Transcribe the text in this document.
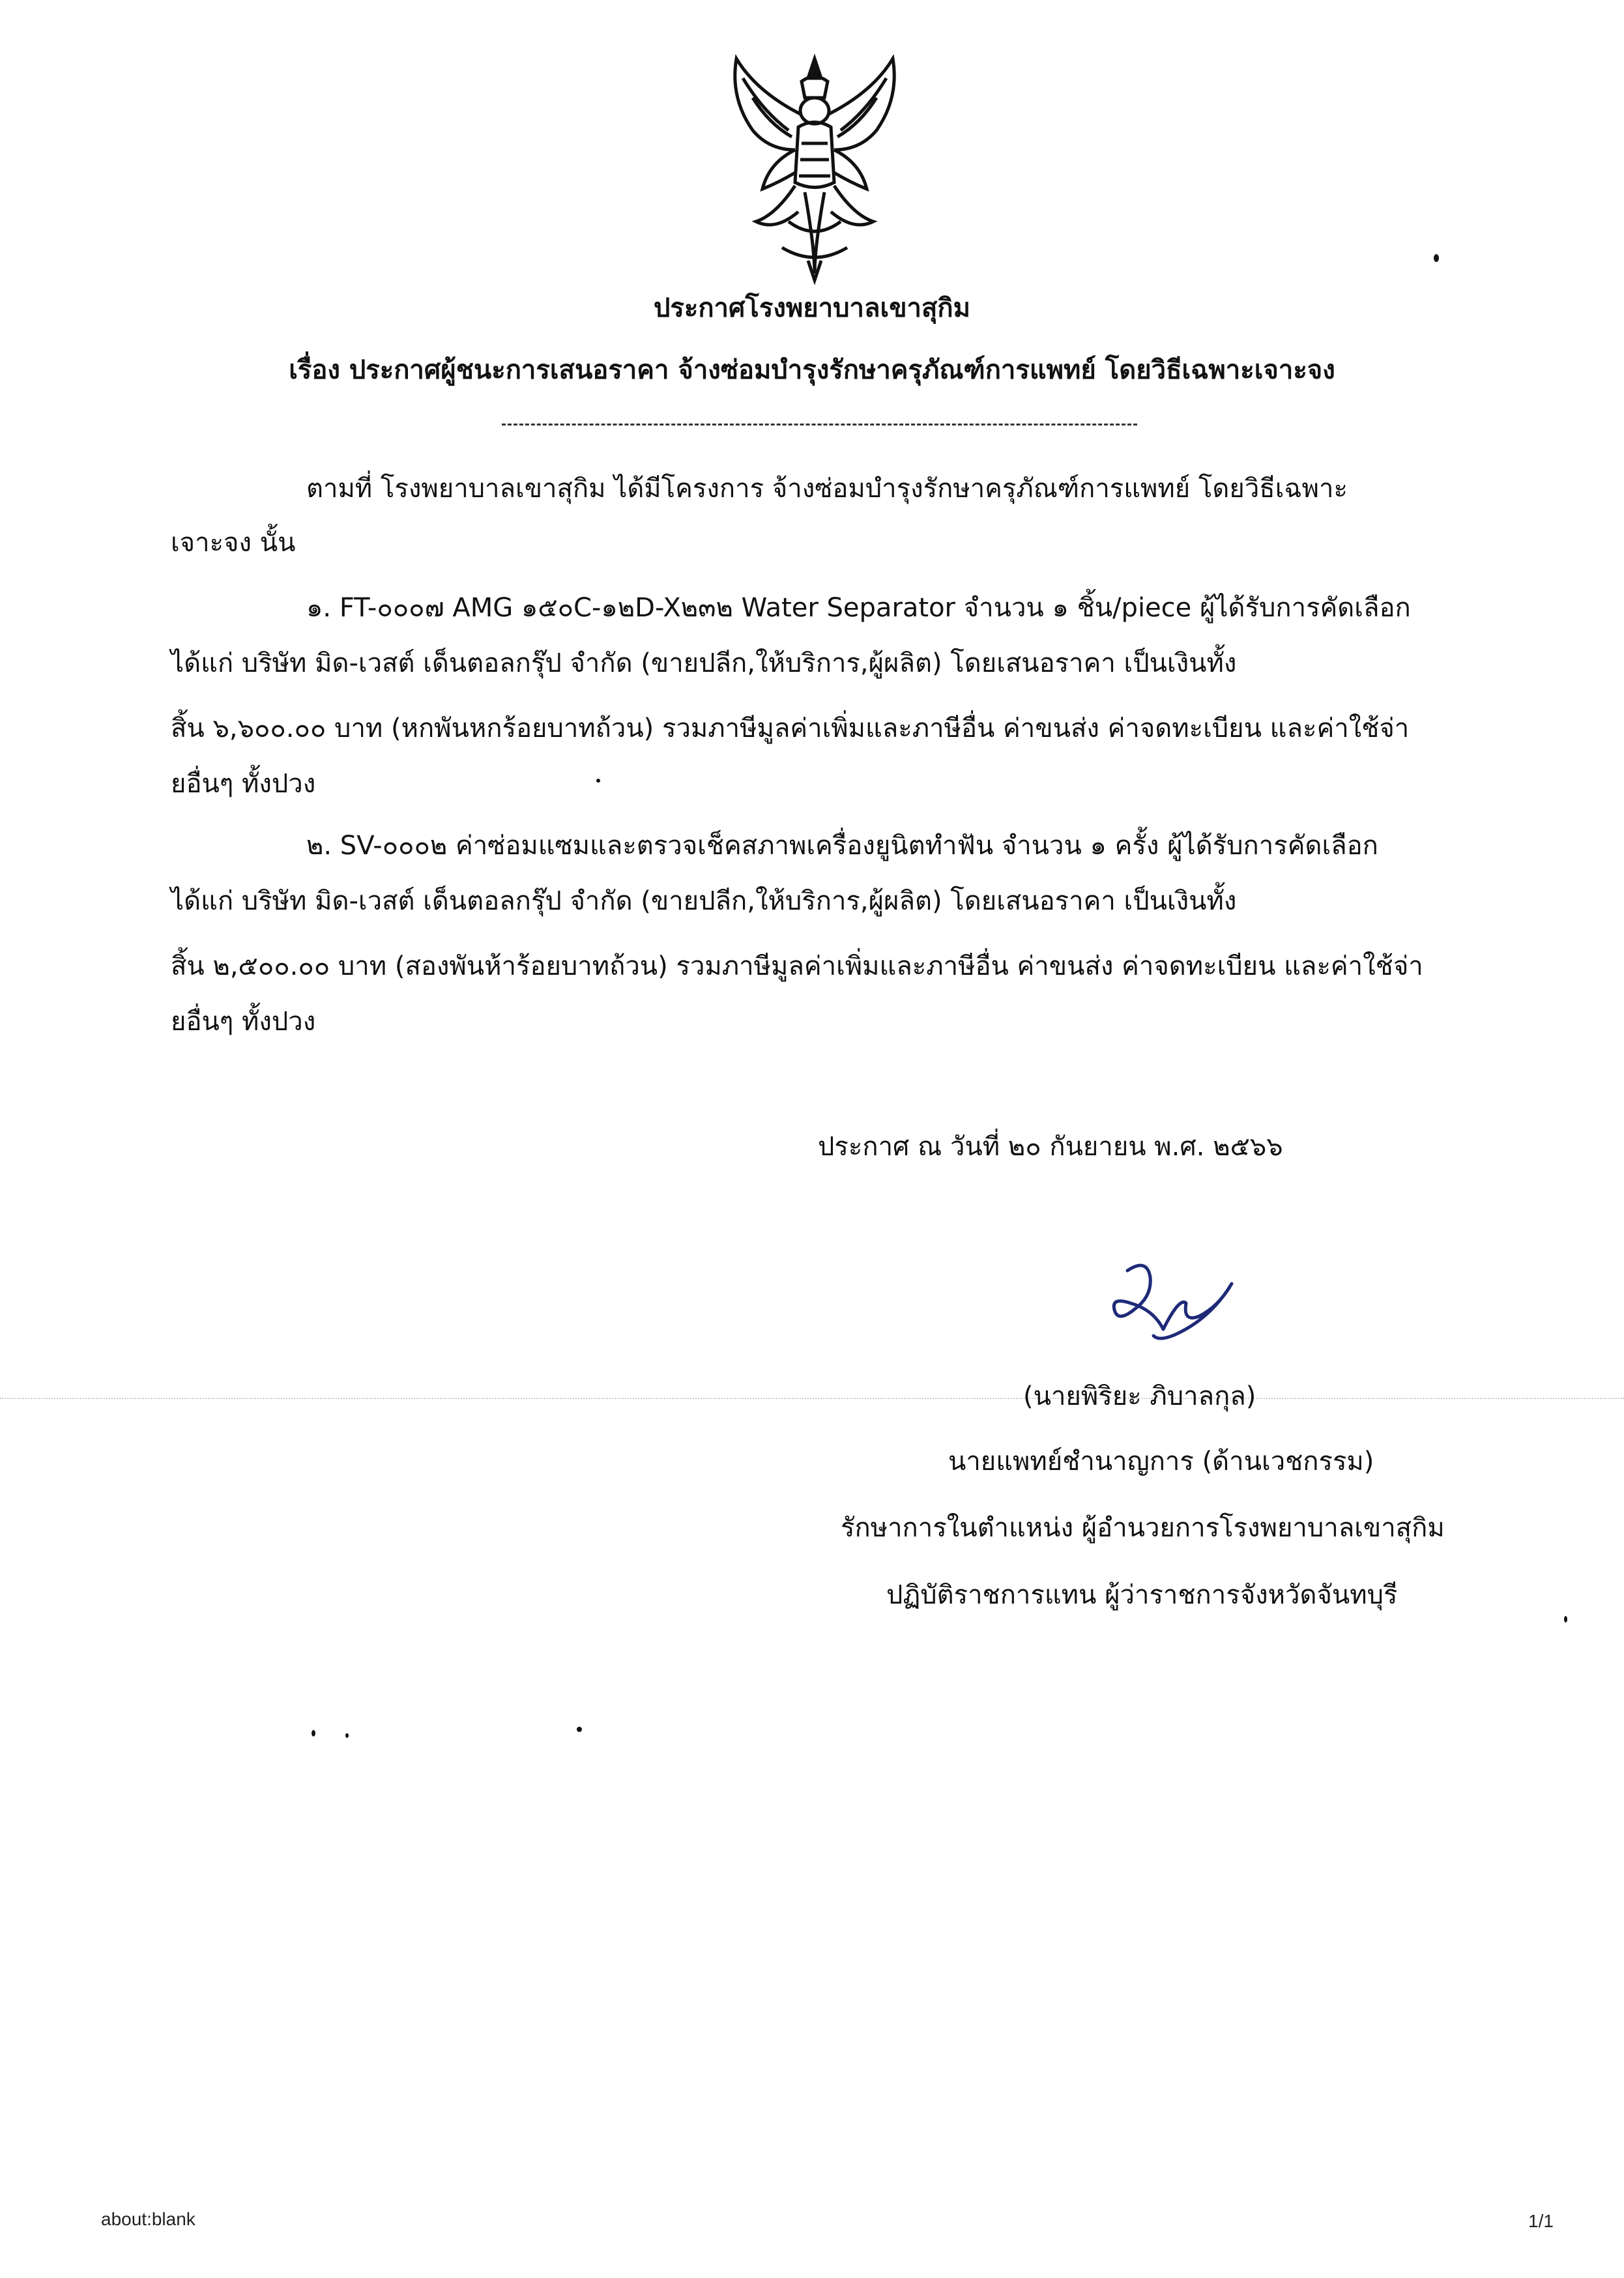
ประกาศโรงพยาบาลเขาสุกิม
เรื่อง ประกาศผู้ชนะการเสนอราคา จ้างซ่อมบำรุงรักษาครุภัณฑ์การแพทย์ โดยวิธีเฉพาะเจาะจง
ตามที่ โรงพยาบาลเขาสุกิม ได้มีโครงการ จ้างซ่อมบำรุงรักษาครุภัณฑ์การแพทย์ โดยวิธีเฉพาะ
เจาะจง นั้น
๑. FT-๐๐๐๗ AMG ๑๕๐C-๑๒D-X๒๓๒ Water Separator จำนวน ๑ ชิ้น/piece ผู้ได้รับการคัดเลือก
ได้แก่ บริษัท มิด-เวสต์ เด็นตอลกรุ๊ป จำกัด (ขายปลีก,ให้บริการ,ผู้ผลิต) โดยเสนอราคา เป็นเงินทั้ง
สิ้น ๖,๖๐๐.๐๐ บาท (หกพันหกร้อยบาทถ้วน) รวมภาษีมูลค่าเพิ่มและภาษีอื่น ค่าขนส่ง ค่าจดทะเบียน และค่าใช้จ่า
ยอื่นๆ ทั้งปวง
๒. SV-๐๐๐๒ ค่าซ่อมแซมและตรวจเช็คสภาพเครื่องยูนิตทำฟัน จำนวน ๑ ครั้ง ผู้ได้รับการคัดเลือก
ได้แก่ บริษัท มิด-เวสต์ เด็นตอลกรุ๊ป จำกัด (ขายปลีก,ให้บริการ,ผู้ผลิต) โดยเสนอราคา เป็นเงินทั้ง
สิ้น ๒,๕๐๐.๐๐ บาท (สองพันห้าร้อยบาทถ้วน) รวมภาษีมูลค่าเพิ่มและภาษีอื่น ค่าขนส่ง ค่าจดทะเบียน และค่าใช้จ่า
ยอื่นๆ ทั้งปวง
ประกาศ ณ วันที่ ๒๐ กันยายน พ.ศ. ๒๕๖๖
(นายพิริยะ ภิบาลกุล)
นายแพทย์ชำนาญการ (ด้านเวชกรรม)
รักษาการในตำแหน่ง ผู้อำนวยการโรงพยาบาลเขาสุกิม
ปฏิบัติราชการแทน ผู้ว่าราชการจังหวัดจันทบุรี
about:blank	1/1
